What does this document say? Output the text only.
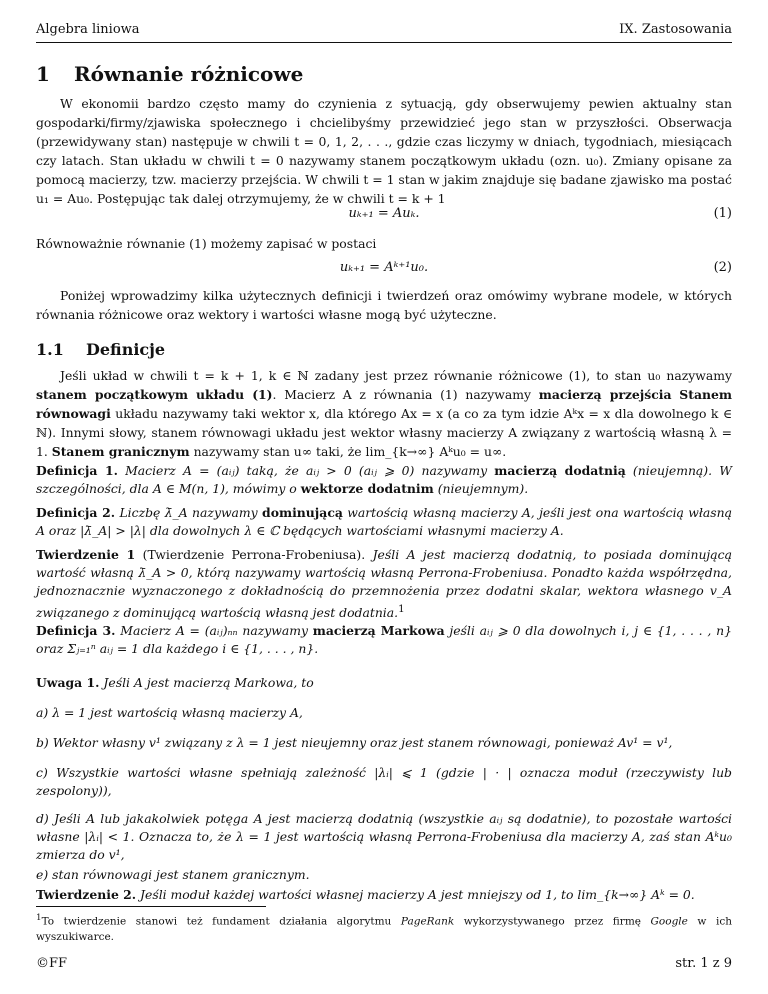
Algebra liniowa	IX. Zastosowania
1 Równanie różnicowe

W ekonomii bardzo często mamy do czynienia z sytuacją, gdy obserwujemy pewien aktualny stan gospodarki/firmy/zjawiska społecznego i chcielibyśmy przewidzieć jego stan w przyszłości. Obserwacja (przewidywany stan) następuje w chwili t = 0, 1, 2, . . ., gdzie czas liczymy w dniach, tygodniach, miesiącach czy latach. Stan układu w chwili t = 0 nazywamy stanem początkowym układu (ozn. u₀). Zmiany opisane za pomocą macierzy, tzw. macierzy przejścia. W chwili t = 1 stan w jakim znajduje się badane zjawisko ma postać u₁ = Au₀. Postępując tak dalej otrzymujemy, że w chwili t = k + 1

uₖ₊₁ = Auₖ.	(1)

Równoważnie równanie (1) możemy zapisać w postaci

uₖ₊₁ = Aᵏ⁺¹u₀.	(2)

Poniżej wprowadzimy kilka użytecznych definicji i twierdzeń oraz omówimy wybrane modele, w których równania różnicowe oraz wektory i wartości własne mogą być użyteczne.

1.1 Definicje

Jeśli układ w chwili t = k + 1, k ∈ ℕ zadany jest przez równanie różnicowe (1), to stan u₀ nazywamy stanem początkowym układu (1). Macierz A z równania (1) nazywamy macierzą przejścia Stanem równowagi układu nazywamy taki wektor x, dla którego Ax = x (a co za tym idzie Aᵏx = x dla dowolnego k ∈ ℕ). Innymi słowy, stanem równowagi układu jest wektor własny macierzy A związany z wartością własną λ = 1. Stanem granicznym nazywamy stan u∞ taki, że lim_{k→∞} Aᵏu₀ = u∞.

Definicja 1. Macierz A = (aᵢⱼ) taką, że aᵢⱼ > 0 (aᵢⱼ ⩾ 0) nazywamy macierzą dodatnią (nieujemną). W szczególności, dla A ∈ M(n, 1), mówimy o wektorze dodatnim (nieujemnym).

Definicja 2. Liczbę λ̄_A nazywamy dominującą wartością własną macierzy A, jeśli jest ona wartością własną A oraz |λ̄_A| > |λ| dla dowolnych λ ∈ ℂ będących wartościami własnymi macierzy A.

Twierdzenie 1 (Twierdzenie Perrona-Frobeniusa). Jeśli A jest macierzą dodatnią, to posiada dominującą wartość własną λ̄_A > 0, którą nazywamy wartością własną Perrona-Frobeniusa. Ponadto każda współrzędna, jednoznacznie wyznaczonego z dokładnością do przemnożenia przez dodatni skalar, wektora własnego v_A związanego z dominującą wartością własną jest dodatnia.$^1$

Definicja 3. Macierz A = (aᵢⱼ)ₙₙ nazywamy macierzą Markowa jeśli aᵢⱼ ⩾ 0 dla dowolnych i, j ∈ {1, . . . , n} oraz Σⱼ₌₁ⁿ aᵢⱼ = 1 dla każdego i ∈ {1, . . . , n}.

Uwaga 1. Jeśli A jest macierzą Markowa, to

a) λ = 1 jest wartością własną macierzy A,

b) Wektor własny v¹ związany z λ = 1 jest nieujemny oraz jest stanem równowagi, ponieważ Av¹ = v¹,

c) Wszystkie wartości własne spełniają zależność |λᵢ| ⩽ 1 (gdzie | · | oznacza moduł (rzeczywisty lub zespolony)),

d) Jeśli A lub jakakolwiek potęga A jest macierzą dodatnią (wszystkie aᵢⱼ są dodatnie), to pozostałe wartości własne |λᵢ| < 1. Oznacza to, że λ = 1 jest wartością własną Perrona-Frobeniusa dla macierzy A, zaś stan Aᵏu₀ zmierza do v¹,

e) stan równowagi jest stanem granicznym.

Twierdzenie 2. Jeśli moduł każdej wartości własnej macierzy A jest mniejszy od 1, to lim_{k→∞} Aᵏ = 0.

$^1$To twierdzenie stanowi też fundament działania algorytmu PageRank wykorzystywanego przez firmę Google w ich wyszukiwarce.

©FF	str. 1 z 9
